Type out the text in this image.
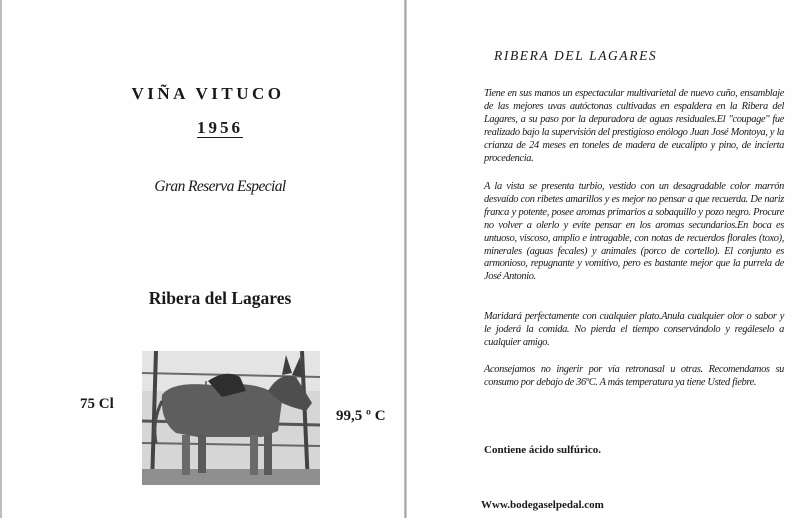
VIÑA VITUCO
1956
Gran Reserva Especial
Ribera del Lagares
75 Cl
99,5 º C
RIBERA DEL LAGARES

Tiene en sus manos un espectacular multivarietal de nuevo cuño, ensamblaje de las mejores uvas autóctonas cultivadas en espaldera en la Ribera del Lagares, a su paso por la depuradora de aguas residuales.El "coupage" fue realizado bajo la supervisión del prestigioso enólogo Juan José Montoya, y la crianza de 24 meses en toneles de madera de eucalipto y pino, de incierta procedencia.

A la vista se presenta turbio, vestido con un desagradable color marrón desvaído con ribetes amarillos y es mejor no pensar a que recuerda. De nariz franca y potente, posee aromas primarios a sobaquillo y pozo negro. Procure no volver a olerlo y evite pensar en los aromas secundarios.En boca es untuoso, viscoso, amplio e intragable, con notas de recuerdos florales (toxo), minerales (aguas fecales) y animales (porco de cortello). El conjunto es armonioso, repugnante y vomitivo, pero es bastante mejor que la purrela de José Antonio.

Maridará perfectamente con cualquier plato.Anula cualquier olor o sabor y le joderá la comida. No pierda el tiempo conservándolo y regáleselo a cualquier amigo.

Aconsejamos no ingerir por vía retronasal u otras. Recomendamos su consumo por debajo de 36ºC. A más temperatura ya tiene Usted fiebre.

Contiene ácido sulfúrico.
Www.bodegaselpedal.com
